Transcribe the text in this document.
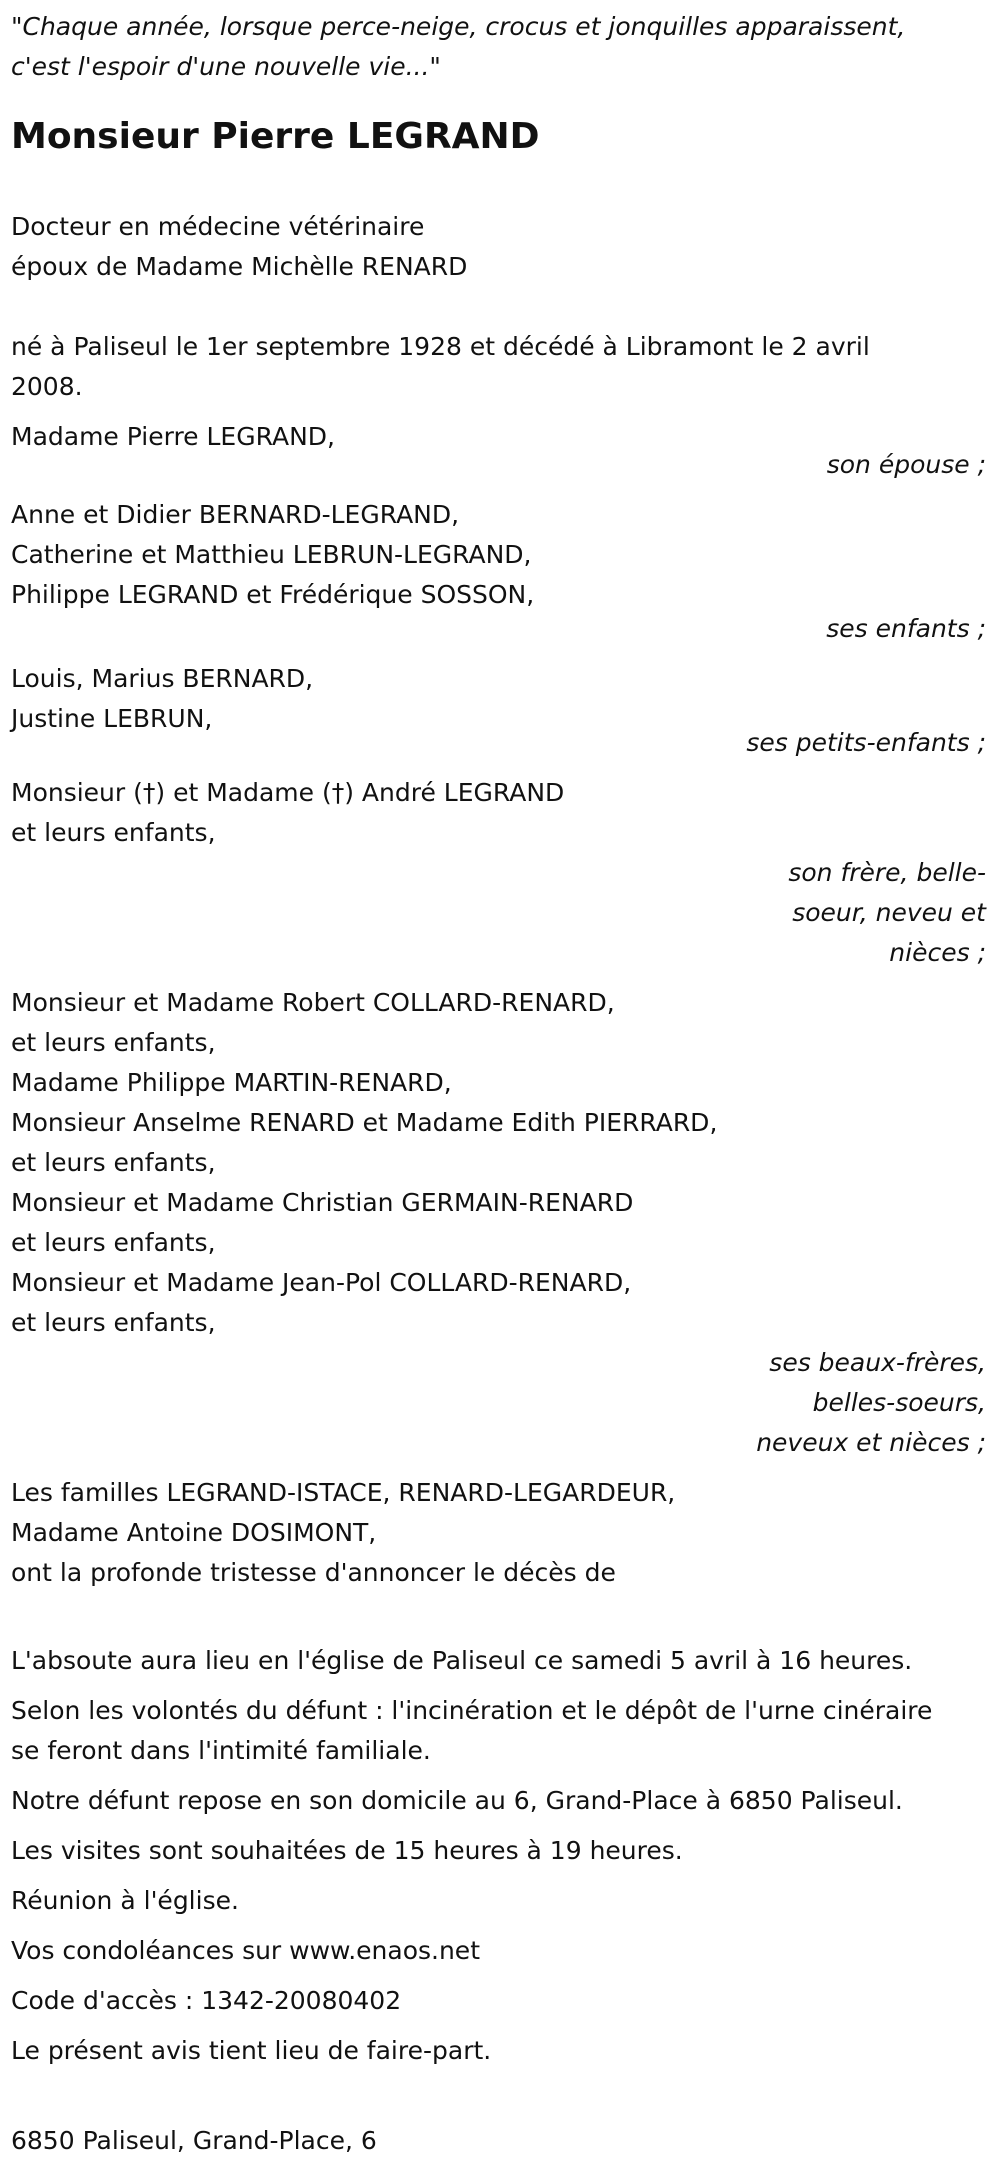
"Chaque année, lorsque perce-neige, crocus et jonquilles apparaissent,
c'est l'espoir d'une nouvelle vie..."
Monsieur Pierre LEGRAND
Docteur en médecine vétérinaire
époux de Madame Michèlle RENARD
né à Paliseul le 1er septembre 1928 et décédé à Libramont le 2 avril
2008.
Madame Pierre LEGRAND,
son épouse ;
Anne et Didier BERNARD-LEGRAND,
Catherine et Matthieu LEBRUN-LEGRAND,
Philippe LEGRAND et Frédérique SOSSON,
ses enfants ;
Louis, Marius BERNARD,
Justine LEBRUN,
ses petits-enfants ;
Monsieur (†) et Madame (†) André LEGRAND
et leurs enfants,
son frère, belle-
soeur, neveu et
nièces ;
Monsieur et Madame Robert COLLARD-RENARD,
et leurs enfants,
Madame Philippe MARTIN-RENARD,
Monsieur Anselme RENARD et Madame Edith PIERRARD,
et leurs enfants,
Monsieur et Madame Christian GERMAIN-RENARD
et leurs enfants,
Monsieur et Madame Jean-Pol COLLARD-RENARD,
et leurs enfants,
ses beaux-frères,
belles-soeurs,
neveux et nièces ;
Les familles LEGRAND-ISTACE, RENARD-LEGARDEUR,
Madame Antoine DOSIMONT,
ont la profonde tristesse d'annoncer le décès de
L'absoute aura lieu en l'église de Paliseul ce samedi 5 avril à 16 heures.
Selon les volontés du défunt : l'incinération et le dépôt de l'urne cinéraire
se feront dans l'intimité familiale.
Notre défunt repose en son domicile au 6, Grand-Place à 6850 Paliseul.
Les visites sont souhaitées de 15 heures à 19 heures.
Réunion à l'église.
Vos condoléances sur www.enaos.net
Code d'accès : 1342-20080402
Le présent avis tient lieu de faire-part.
6850 Paliseul, Grand-Place, 6
